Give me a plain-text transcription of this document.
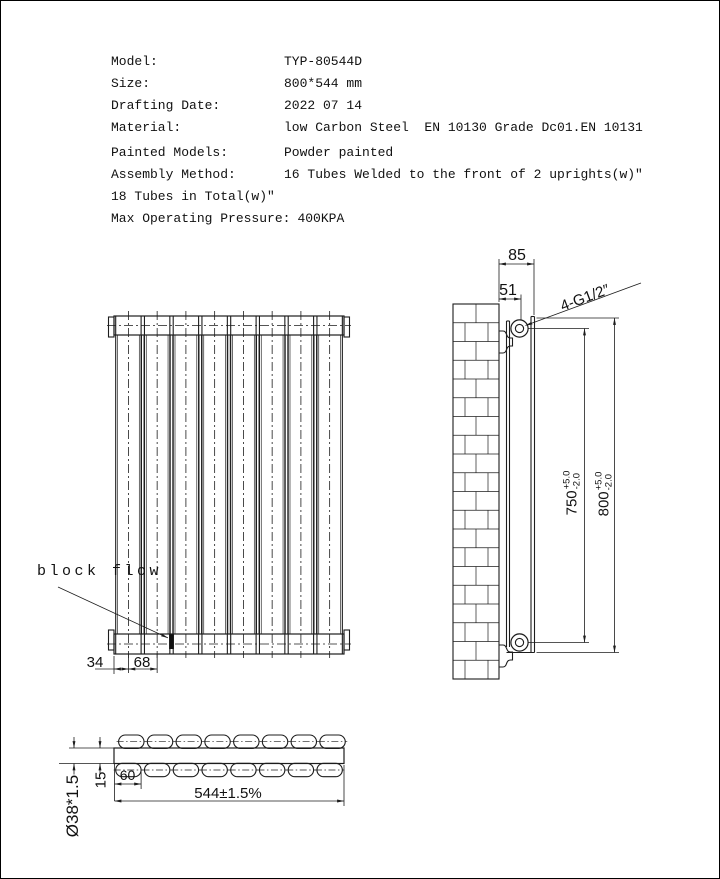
Model:	TYP-80544D
Size:	800*544 mm
Drafting Date:	2022 07 14
Material:	low Carbon Steel  EN 10130 Grade Dc01.EN 10131
Painted Models:	Powder painted
Assembly Method:	16 Tubes Welded to the front of 2 uprights(w)″
18 Tubes in Total(w)″
Max Operating Pressure: 400KPA
block flow
34 68
85
51	4-G1/2″
750
+5.0
-2.0
800
+5.0
-2.0
Ø38*1.5 15 60
544±1.5%
